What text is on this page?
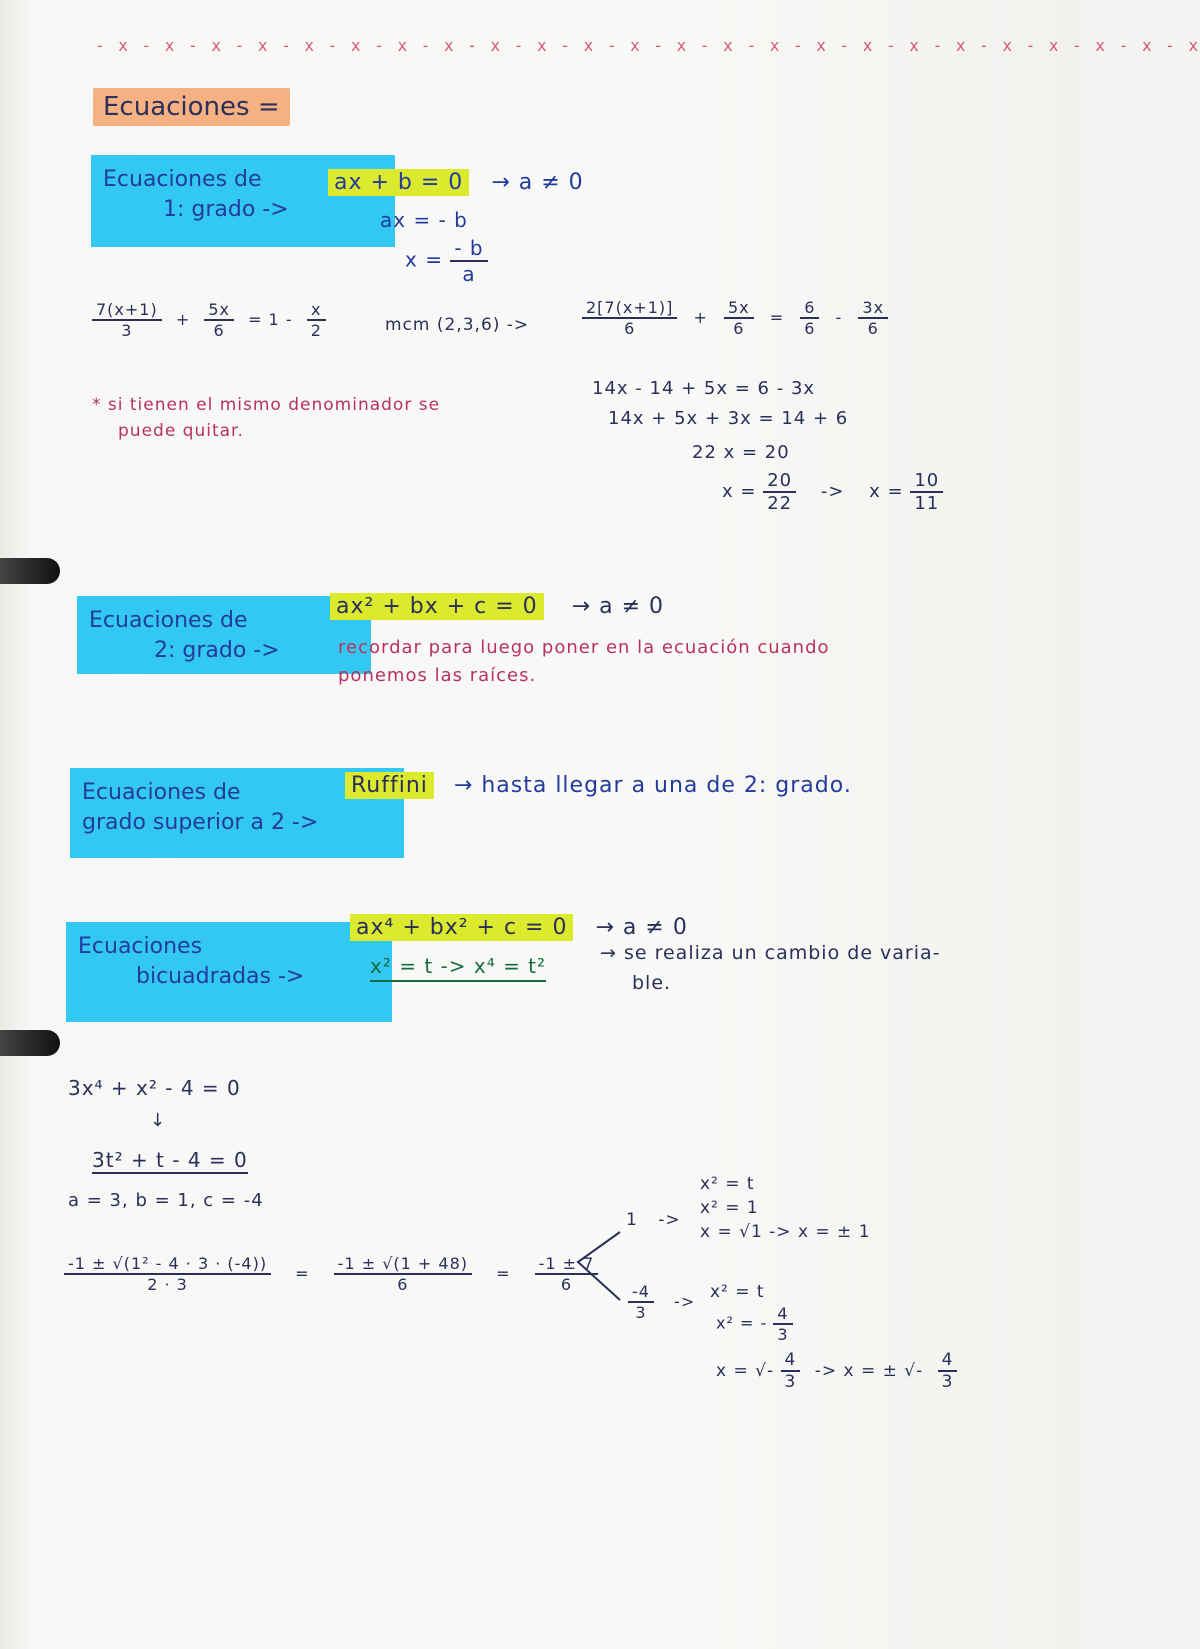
- x - x - x - x - x - x - x - x - x - x - x - x - x - x - x - x - x - x - x - x - x - x - x - x
Ecuaciones =
Ecuaciones de
1: grado ->
ax + b = 0 → a ≠ 0
ax = - b
$x = \frac{- b}{a}$
$\frac{7(x+1)}{3} + \frac{5x}{6} = 1 - \frac{x}{2}$	mcm (2,3,6) ->	$\frac{2[7(x+1)]}{6} + \frac{5x}{6} = \frac{6}{6} - \frac{3x}{6}$
* si tienen el mismo denominador se
puede quitar.
14x - 14 + 5x = 6 - 3x
14x + 5x + 3x = 14 + 6
22 x = 20
$x = \frac{20}{22} -> x = \frac{10}{11}$
Ecuaciones de
2: grado ->
ax² + bx + c = 0 → a ≠ 0
recordar para luego poner en la ecuación cuando
ponemos las raíces.
Ecuaciones de
grado superior a 2 ->
Ruffini → hasta llegar a una de 2: grado.
Ecuaciones
bicuadradas ->
ax⁴ + bx² + c = 0 → a ≠ 0
x² = t -> x⁴ = t²
→ se realiza un cambio de varia-
ble.
3x⁴ + x² - 4 = 0
↓
3t² + t - 4 = 0
a = 3, b = 1, c = -4
$\frac{\text{-1 ± √(1² - 4 · 3 · (-4))}}{2 \cdot 3} = \frac{-1 \pm √(1 + 48)}{6} = \frac{-1 \pm 7}{6}$
1 ->
x² = t
x² = 1
x = √1 -> x = ± 1
$\frac{-4}{3} -> x^2 = t$
x² = - $\frac{4}{3}$
x = √- $\frac{4}{3} -> x$ = ± √- $\frac{4}{3}$
